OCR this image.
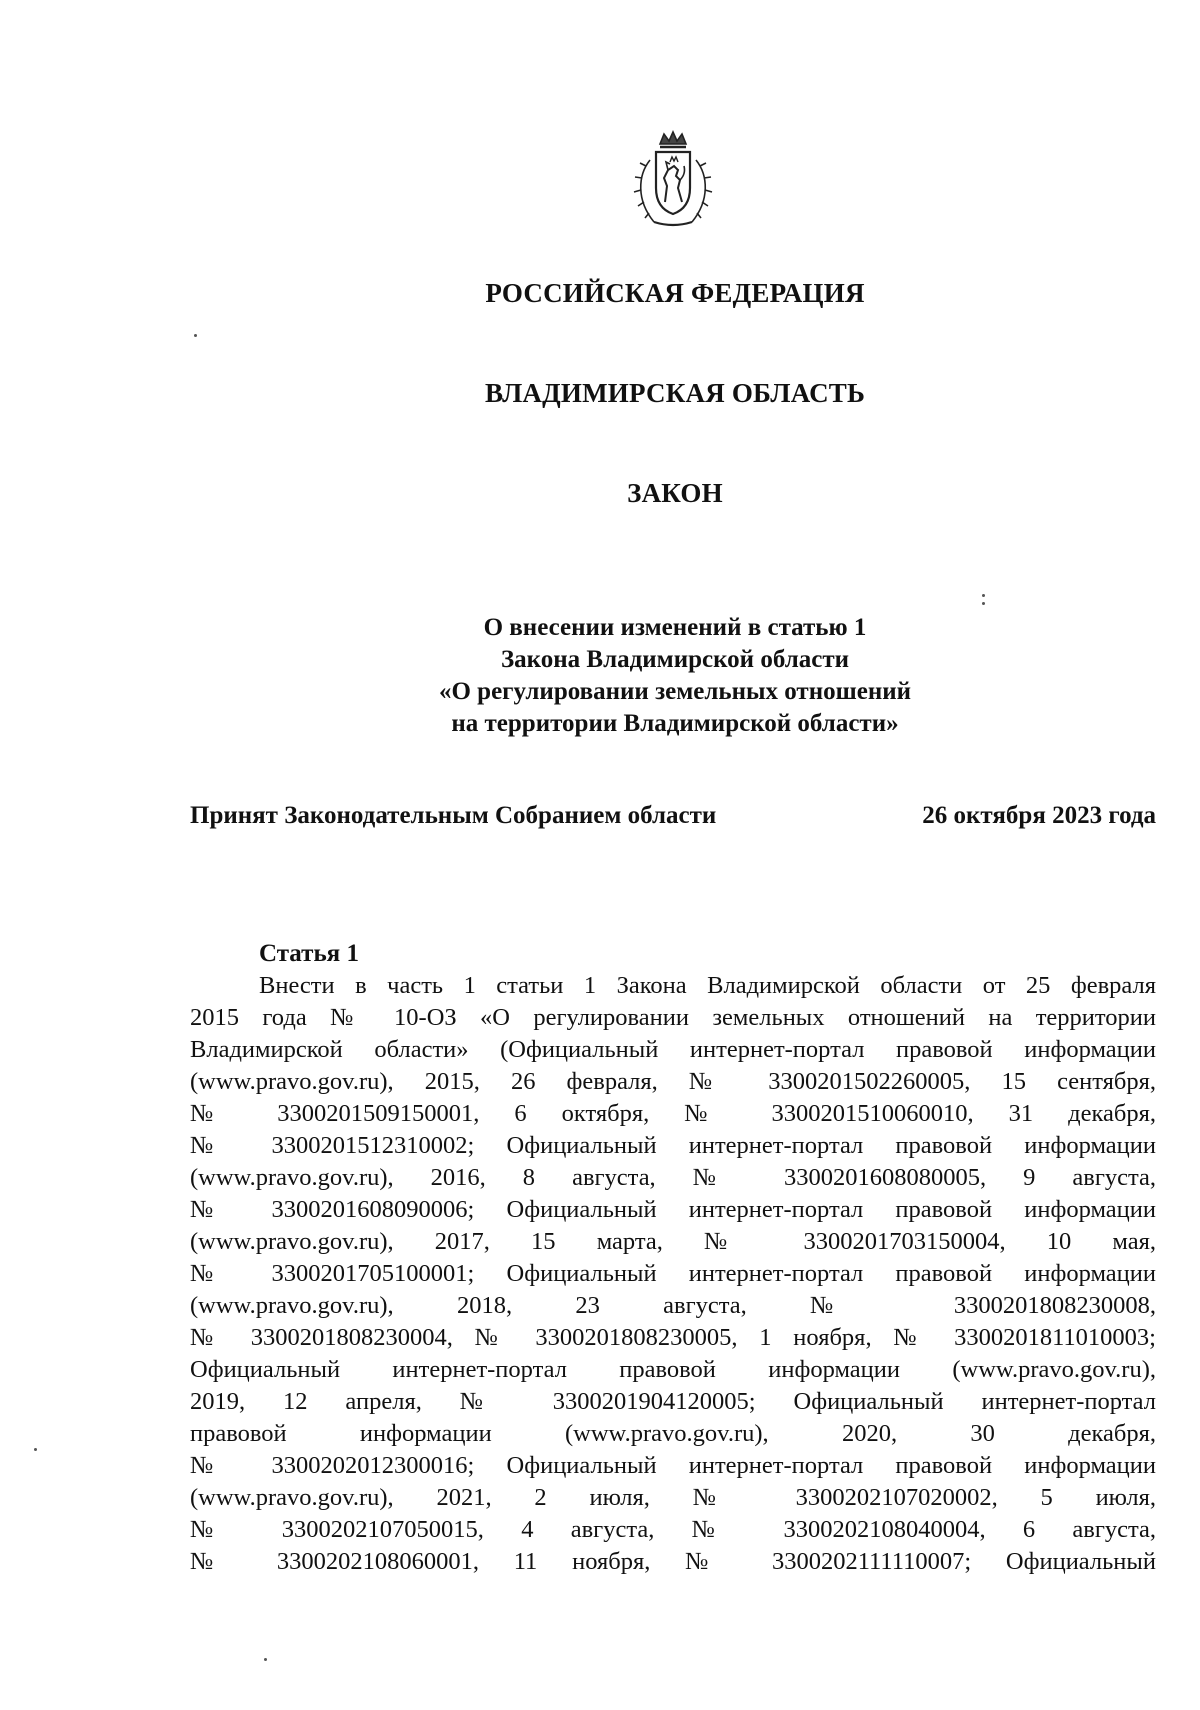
РОССИЙСКАЯ ФЕДЕРАЦИЯ
ВЛАДИМИРСКАЯ ОБЛАСТЬ
ЗАКОН
О внесении изменений в статью 1
Закона Владимирской области
«О регулировании земельных отношений
на территории Владимирской области»
Принят Законодательным Собранием области	26 октября 2023 года
Статья 1
Внести в часть 1 статьи 1 Закона Владимирской области от 25 февраля
2015 года № 10-ОЗ «О регулировании земельных отношений на территории
Владимирской области» (Официальный интернет-портал правовой информации
(www.pravo.gov.ru), 2015, 26 февраля, № 3300201502260005, 15 сентября,
№ 3300201509150001, 6 октября, № 3300201510060010, 31 декабря,
№ 3300201512310002; Официальный интернет-портал правовой информации
(www.pravo.gov.ru), 2016, 8 августа, № 3300201608080005, 9 августа,
№ 3300201608090006; Официальный интернет-портал правовой информации
(www.pravo.gov.ru), 2017, 15 марта, № 3300201703150004, 10 мая,
№ 3300201705100001; Официальный интернет-портал правовой информации
(www.pravo.gov.ru), 2018, 23 августа, № 3300201808230008,
№ 3300201808230004, № 3300201808230005, 1 ноября, № 3300201811010003;
Официальный интернет-портал правовой информации (www.pravo.gov.ru),
2019, 12 апреля, № 3300201904120005; Официальный интернет-портал
правовой информации (www.pravo.gov.ru), 2020, 30 декабря,
№ 3300202012300016; Официальный интернет-портал правовой информации
(www.pravo.gov.ru), 2021, 2 июля, № 3300202107020002, 5 июля,
№ 3300202107050015, 4 августа, № 3300202108040004, 6 августа,
№ 3300202108060001, 11 ноября, № 3300202111110007; Официальный
